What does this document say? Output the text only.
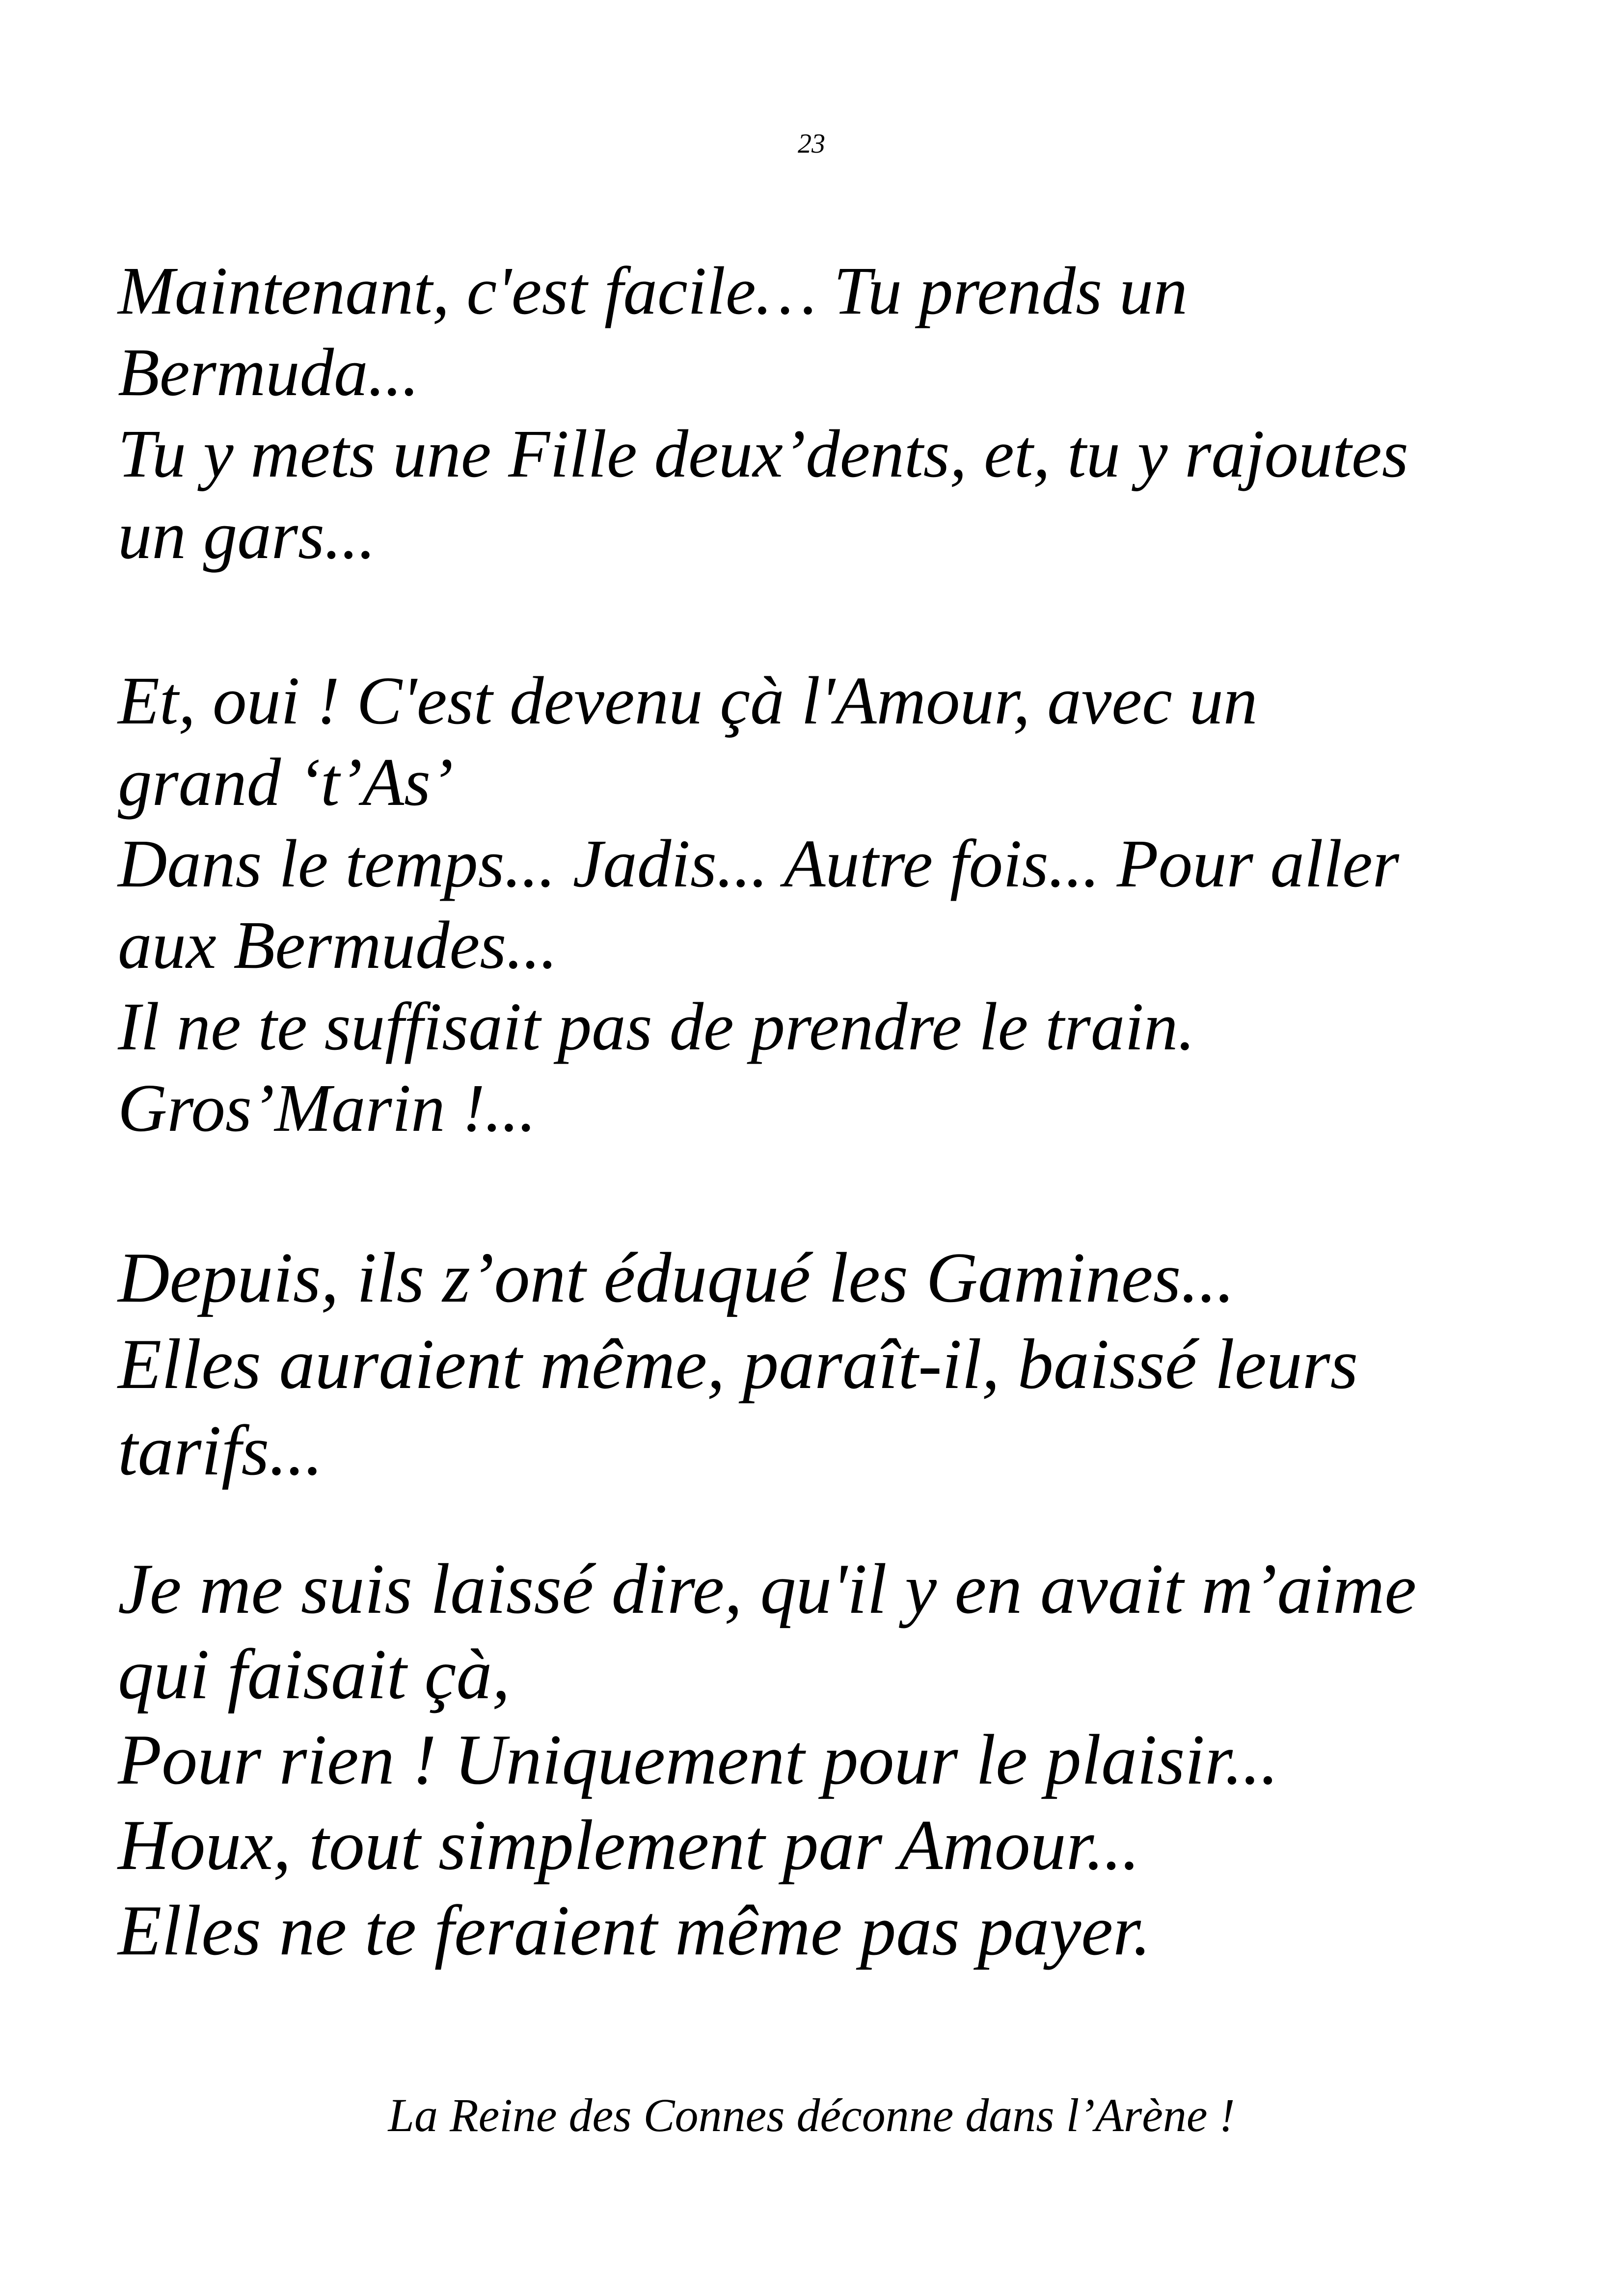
23
Maintenant, c'est facile… Tu prends un
Bermuda...
Tu y mets une Fille deux’dents, et, tu y rajoutes
un gars...
Et, oui ! C'est devenu çà l'Amour, avec un
grand ‘t’As’
Dans le temps... Jadis... Autre fois... Pour aller
aux Bermudes...
Il ne te suffisait pas de prendre le train.
Gros’Marin !...
Depuis, ils z’ont éduqué les Gamines...
Elles auraient même, paraît-il, baissé leurs
tarifs...
Je me suis laissé dire, qu'il y en avait m’aime
qui faisait çà,
Pour rien ! Uniquement pour le plaisir...
Houx, tout simplement par Amour...
Elles ne te feraient même pas payer.
La Reine des Connes déconne dans l’Arène !
